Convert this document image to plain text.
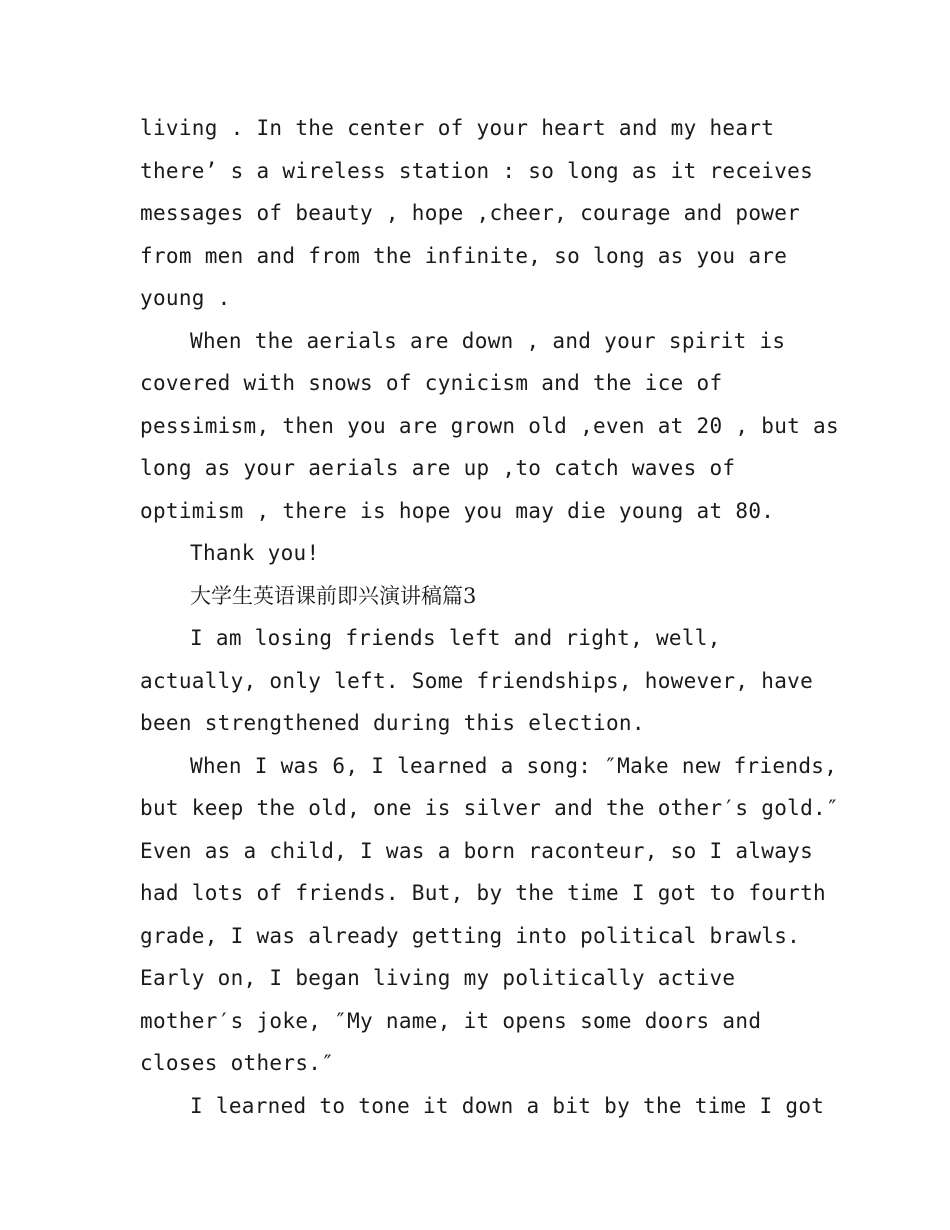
living . In the center of your heart and my heart
there’ s a wireless station : so long as it receives
messages of beauty , hope ,cheer, courage and power
from men and from the infinite, so long as you are
young .
When the aerials are down , and your spirit is
covered with snows of cynicism and the ice of
pessimism, then you are grown old ,even at 20 , but as
long as your aerials are up ,to catch waves of
optimism , there is hope you may die young at 80.
Thank you!
大学生英语课前即兴演讲稿篇3
I am losing friends left and right, well,
actually, only left. Some friendships, however, have
been strengthened during this election.
When I was 6, I learned a song: ″Make new friends,
but keep the old, one is silver and the other′s gold.″
Even as a child, I was a born raconteur, so I always
had lots of friends. But, by the time I got to fourth
grade, I was already getting into political brawls.
Early on, I began living my politically active
mother′s joke, ″My name, it opens some doors and
closes others.″
I learned to tone it down a bit by the time I got
